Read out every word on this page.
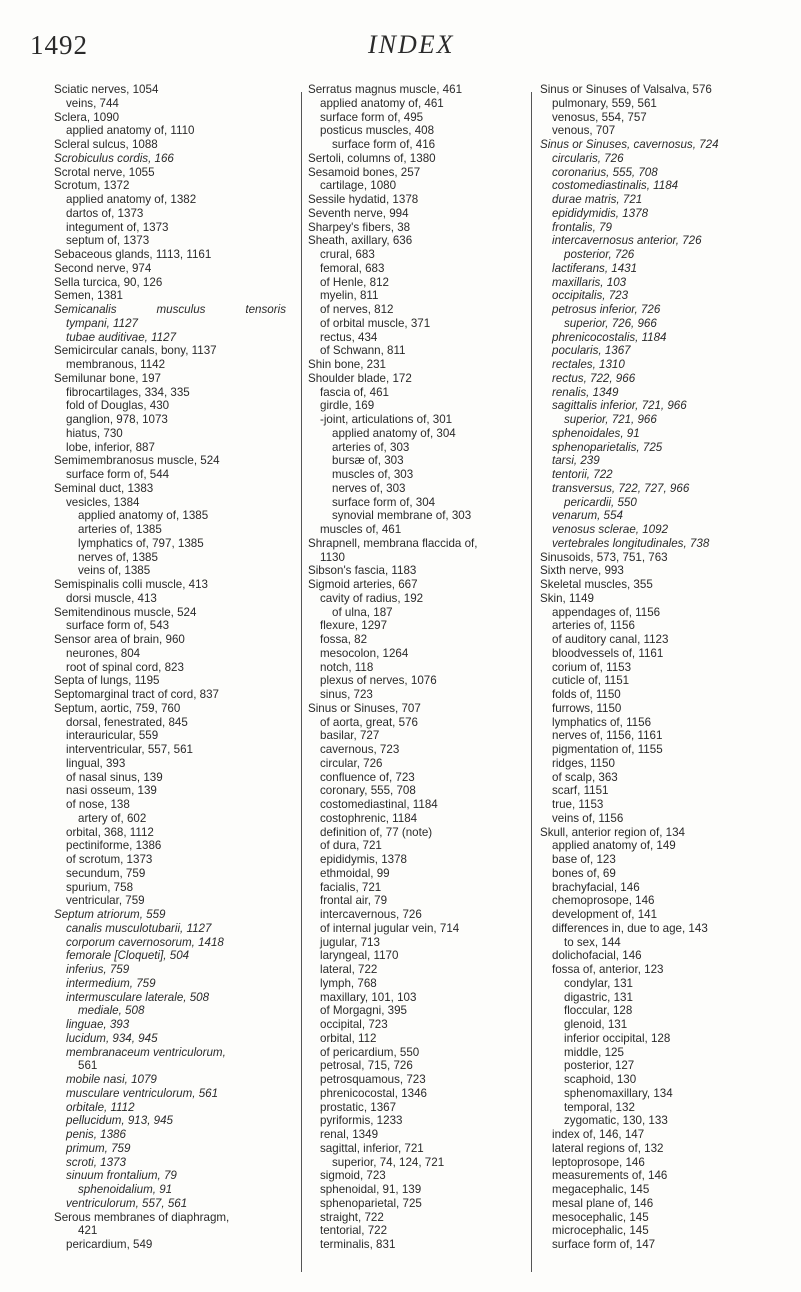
1492	INDEX
Sciatic nerves, 1054
veins, 744
Sclera, 1090
applied anatomy of, 1110
Scleral sulcus, 1088
Scrobiculus cordis, 166
Scrotal nerve, 1055
Scrotum, 1372
applied anatomy of, 1382
dartos of, 1373
integument of, 1373
septum of, 1373
Sebaceous glands, 1113, 1161
Second nerve, 974
Sella turcica, 90, 126
Semen, 1381
Semicanalis	musculus	tensoris
tympani, 1127
tubae auditivae, 1127
Semicircular canals, bony, 1137
membranous, 1142
Semilunar bone, 197
fibrocartilages, 334, 335
fold of Douglas, 430
ganglion, 978, 1073
hiatus, 730
lobe, inferior, 887
Semimembranosus muscle, 524
surface form of, 544
Seminal duct, 1383
vesicles, 1384
applied anatomy of, 1385
arteries of, 1385
lymphatics of, 797, 1385
nerves of, 1385
veins of, 1385
Semispinalis colli muscle, 413
dorsi muscle, 413
Semitendinous muscle, 524
surface form of, 543
Sensor area of brain, 960
neurones, 804
root of spinal cord, 823
Septa of lungs, 1195
Septomarginal tract of cord, 837
Septum, aortic, 759, 760
dorsal, fenestrated, 845
interauricular, 559
interventricular, 557, 561
lingual, 393
of nasal sinus, 139
nasi osseum, 139
of nose, 138
artery of, 602
orbital, 368, 1112
pectiniforme, 1386
of scrotum, 1373
secundum, 759
spurium, 758
ventricular, 759
Septum atriorum, 559
canalis musculotubarii, 1127
corporum cavernosorum, 1418
femorale [Cloqueti], 504
inferius, 759
intermedium, 759
intermusculare laterale, 508
mediale, 508
linguae, 393
lucidum, 934, 945
membranaceum ventriculorum,
561
mobile nasi, 1079
musculare ventriculorum, 561
orbitale, 1112
pellucidum, 913, 945
penis, 1386
primum, 759
scroti, 1373
sinuum frontalium, 79
sphenoidalium, 91
ventriculorum, 557, 561
Serous membranes of diaphragm,
421
pericardium, 549
Serratus magnus muscle, 461
applied anatomy of, 461
surface form of, 495
posticus muscles, 408
surface form of, 416
Sertoli, columns of, 1380
Sesamoid bones, 257
cartilage, 1080
Sessile hydatid, 1378
Seventh nerve, 994
Sharpey's fibers, 38
Sheath, axillary, 636
crural, 683
femoral, 683
of Henle, 812
myelin, 811
of nerves, 812
of orbital muscle, 371
rectus, 434
of Schwann, 811
Shin bone, 231
Shoulder blade, 172
fascia of, 461
girdle, 169
-joint, articulations of, 301
applied anatomy of, 304
arteries of, 303
bursæ of, 303
muscles of, 303
nerves of, 303
surface form of, 304
synovial membrane of, 303
muscles of, 461
Shrapnell, membrana flaccida of,
1130
Sibson's fascia, 1183
Sigmoid arteries, 667
cavity of radius, 192
of ulna, 187
flexure, 1297
fossa, 82
mesocolon, 1264
notch, 118
plexus of nerves, 1076
sinus, 723
Sinus or Sinuses, 707
of aorta, great, 576
basilar, 727
cavernous, 723
circular, 726
confluence of, 723
coronary, 555, 708
costomediastinal, 1184
costophrenic, 1184
definition of, 77 (note)
of dura, 721
epididymis, 1378
ethmoidal, 99
facialis, 721
frontal air, 79
intercavernous, 726
of internal jugular vein, 714
jugular, 713
laryngeal, 1170
lateral, 722
lymph, 768
maxillary, 101, 103
of Morgagni, 395
occipital, 723
orbital, 112
of pericardium, 550
petrosal, 715, 726
petrosquamous, 723
phrenicocostal, 1346
prostatic, 1367
pyriformis, 1233
renal, 1349
sagittal, inferior, 721
superior, 74, 124, 721
sigmoid, 723
sphenoidal, 91, 139
sphenoparietal, 725
straight, 722
tentorial, 722
terminalis, 831
Sinus or Sinuses of Valsalva, 576
pulmonary, 559, 561
venosus, 554, 757
venous, 707
Sinus or Sinuses, cavernosus, 724
circularis, 726
coronarius, 555, 708
costomediastinalis, 1184
durae matris, 721
epididymidis, 1378
frontalis, 79
intercavernosus anterior, 726
posterior, 726
lactiferans, 1431
maxillaris, 103
occipitalis, 723
petrosus inferior, 726
superior, 726, 966
phrenicocostalis, 1184
pocularis, 1367
rectales, 1310
rectus, 722, 966
renalis, 1349
sagittalis inferior, 721, 966
superior, 721, 966
sphenoidales, 91
sphenoparietalis, 725
tarsi, 239
tentorii, 722
transversus, 722, 727, 966
pericardii, 550
venarum, 554
venosus sclerae, 1092
vertebrales longitudinales, 738
Sinusoids, 573, 751, 763
Sixth nerve, 993
Skeletal muscles, 355
Skin, 1149
appendages of, 1156
arteries of, 1156
of auditory canal, 1123
bloodvessels of, 1161
corium of, 1153
cuticle of, 1151
folds of, 1150
furrows, 1150
lymphatics of, 1156
nerves of, 1156, 1161
pigmentation of, 1155
ridges, 1150
of scalp, 363
scarf, 1151
true, 1153
veins of, 1156
Skull, anterior region of, 134
applied anatomy of, 149
base of, 123
bones of, 69
brachyfacial, 146
chemoprosope, 146
development of, 141
differences in, due to age, 143
to sex, 144
dolichofacial, 146
fossa of, anterior, 123
condylar, 131
digastric, 131
floccular, 128
glenoid, 131
inferior occipital, 128
middle, 125
posterior, 127
scaphoid, 130
sphenomaxillary, 134
temporal, 132
zygomatic, 130, 133
index of, 146, 147
lateral regions of, 132
leptoprosope, 146
measurements of, 146
megacephalic, 145
mesal plane of, 146
mesocephalic, 145
microcephalic, 145
surface form of, 147
